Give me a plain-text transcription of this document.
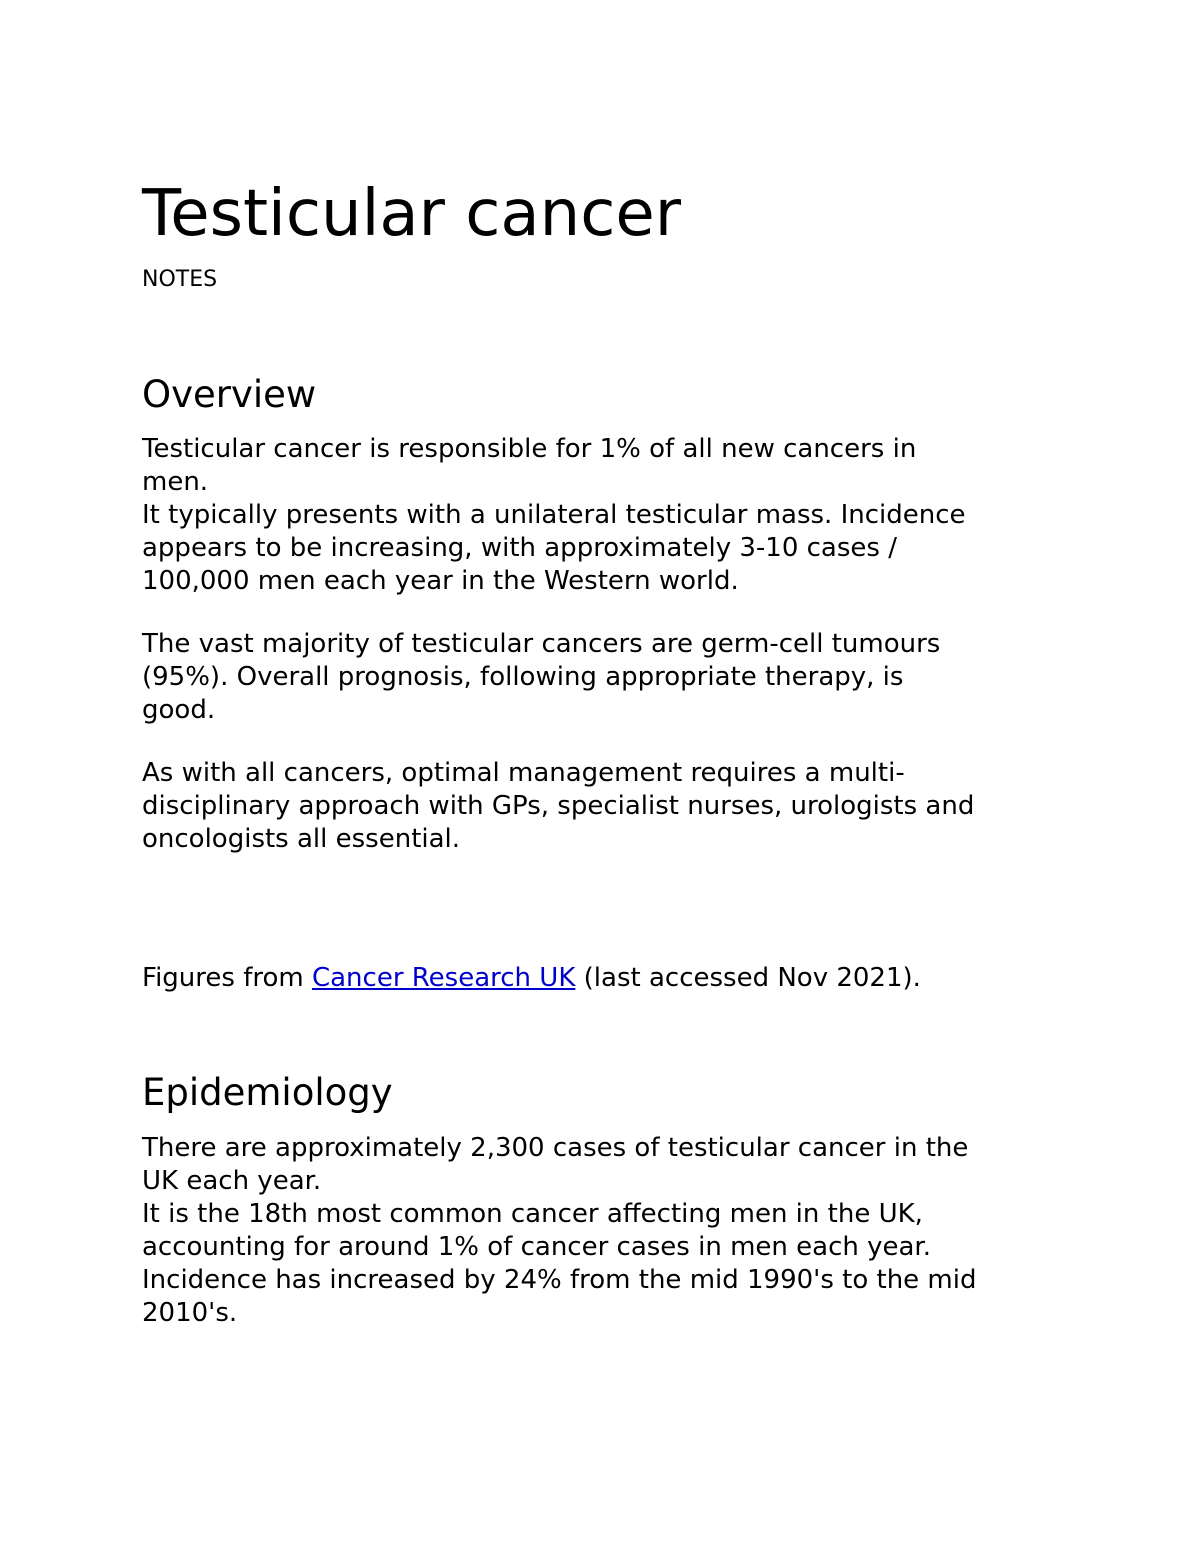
Testicular cancer

NOTES

Overview

Testicular cancer is responsible for 1% of all new cancers in
men.
It typically presents with a unilateral testicular mass. Incidence
appears to be increasing, with approximately 3-10 cases /
100,000 men each year in the Western world.

The vast majority of testicular cancers are germ-cell tumours
(95%). Overall prognosis, following appropriate therapy, is
good.

As with all cancers, optimal management requires a multi-
disciplinary approach with GPs, specialist nurses, urologists and
oncologists all essential.

Figures from Cancer Research UK (last accessed Nov 2021).

Epidemiology

There are approximately 2,300 cases of testicular cancer in the
UK each year.
It is the 18th most common cancer affecting men in the UK,
accounting for around 1% of cancer cases in men each year.
Incidence has increased by 24% from the mid 1990's to the mid
2010's.
